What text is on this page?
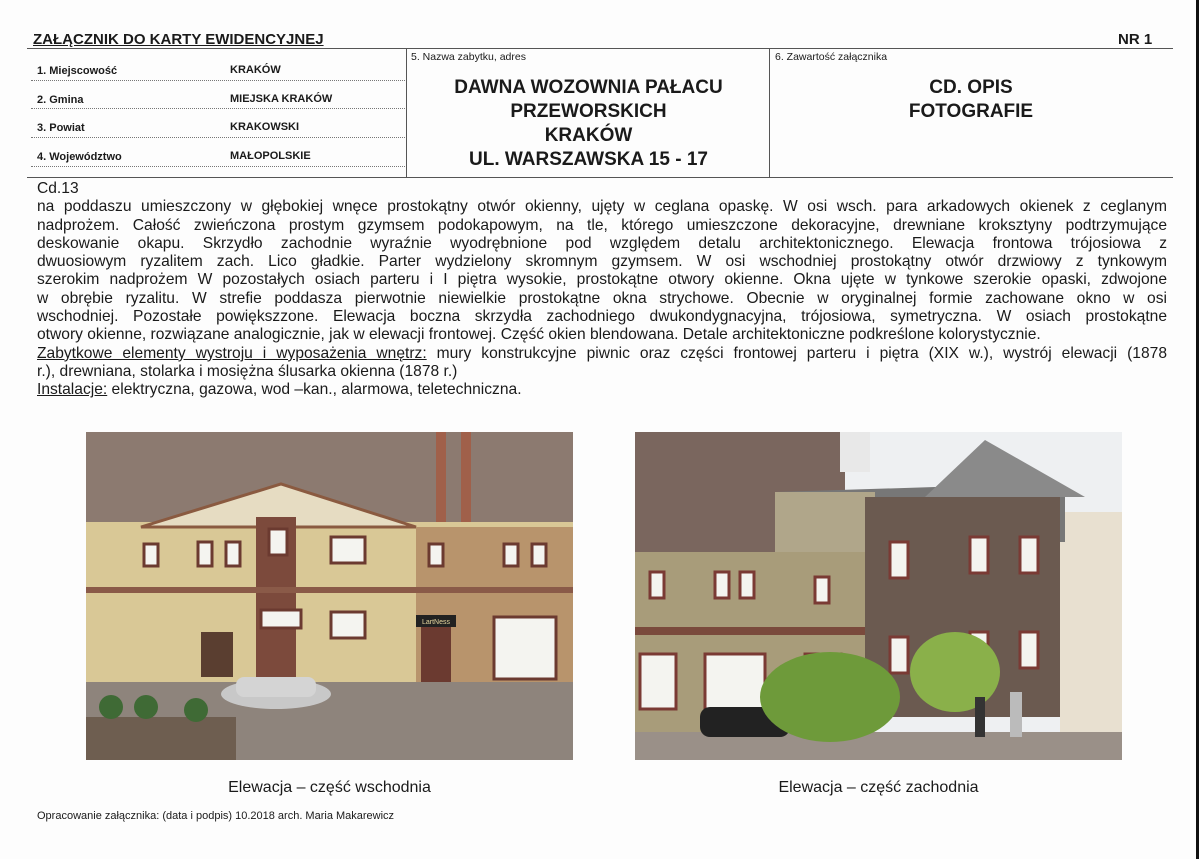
ZAŁĄCZNIK DO KARTY EWIDENCYJNEJ	NR 1
1. Miejscowość	KRAKÓW
2. Gmina	MIEJSKA KRAKÓW
3. Powiat	KRAKOWSKI
4. Województwo	MAŁOPOLSKIE
5. Nazwa zabytku, adres
DAWNA WOZOWNIA PAŁACU
PRZEWORSKICH
KRAKÓW
UL. WARSZAWSKA 15 - 17
6. Zawartość załącznika
CD. OPIS
FOTOGRAFIE
Cd.13
na poddaszu umieszczony w głębokiej wnęce prostokątny otwór okienny, ujęty w ceglana opaskę. W osi wsch. para arkadowych okienek z ceglanym
nadprożem. Całość zwieńczona prostym gzymsem podokapowym, na tle, którego umieszczone dekoracyjne, drewniane kroksztyny podtrzymujące
deskowanie okapu. Skrzydło zachodnie wyraźnie wyodrębnione pod względem detalu architektonicznego. Elewacja frontowa trójosiowa z
dwuosiowym ryzalitem zach. Lico gładkie. Parter wydzielony skromnym gzymsem. W osi wschodniej prostokątny otwór drzwiowy z tynkowym
szerokim nadprożem W pozostałych osiach parteru i I piętra wysokie, prostokątne otwory okienne. Okna ujęte w tynkowe szerokie opaski, zdwojone
w obrębie ryzalitu. W strefie poddasza pierwotnie niewielkie prostokątne okna strychowe. Obecnie w oryginalnej formie zachowane okno w osi
wschodniej. Pozostałe powiększzone. Elewacja boczna skrzydła zachodniego dwukondygnacyjna, trójosiowa, symetryczna. W osiach prostokątne
otwory okienne, rozwiązane analogicznie, jak w elewacji frontowej. Część okien blendowana. Detale architektoniczne podkreślone kolorystycznie.
Zabytkowe elementy wystroju i wyposażenia wnętrz: mury konstrukcyjne piwnic oraz części frontowej parteru i piętra (XIX w.), wystrój elewacji (1878
r.), drewniana, stolarka i mosiężna ślusarka okienna (1878 r.)
Instalacje: elektryczna, gazowa, wod –kan., alarmowa, teletechniczna.
LartNess
Elewacja – część wschodnia	Elewacja – część zachodnia
Opracowanie załącznika: (data i podpis) 10.2018 arch. Maria Makarewicz
